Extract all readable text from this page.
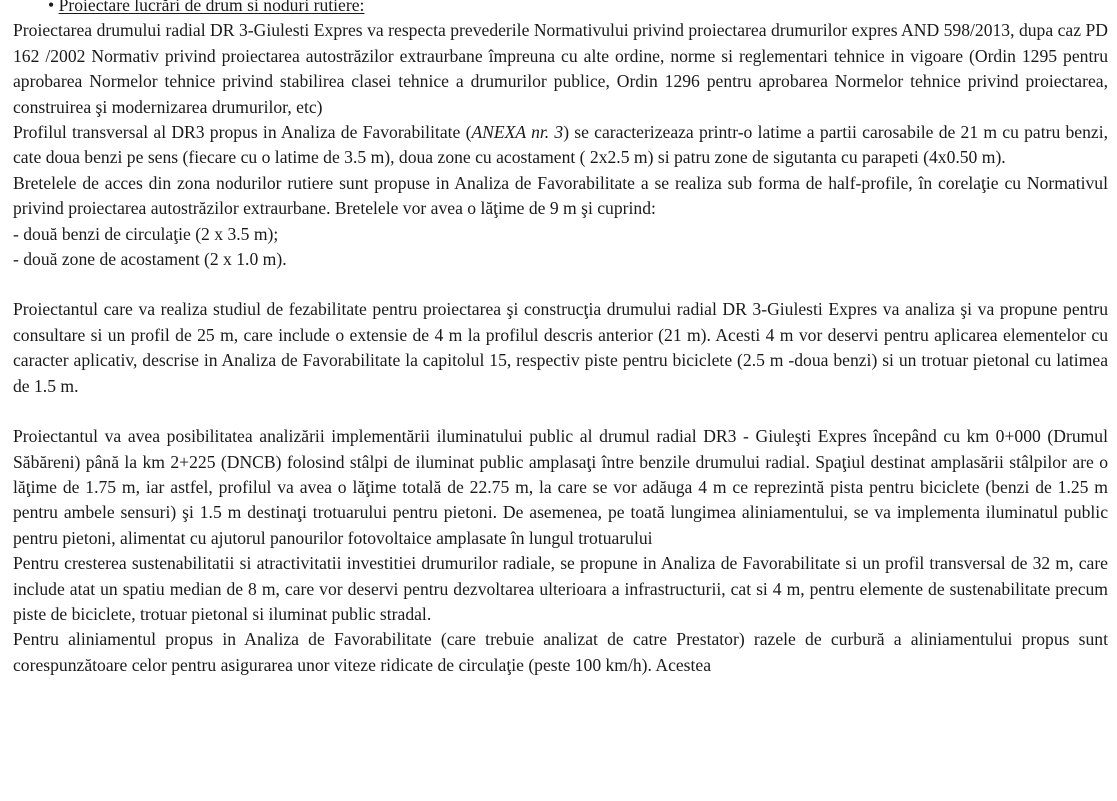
• Proiectare lucrări de drum si noduri rutiere:

Proiectarea drumului radial DR 3-Giulesti Expres va respecta prevederile Normativului privind proiectarea drumurilor expres AND 598/2013, dupa caz PD 162 /2002 Normativ privind proiectarea autostrăzilor extraurbane împreuna cu alte ordine, norme si reglementari tehnice in vigoare (Ordin 1295 pentru aprobarea Normelor tehnice privind stabilirea clasei tehnice a drumurilor publice, Ordin 1296 pentru aprobarea Normelor tehnice privind proiectarea, construirea şi modernizarea drumurilor, etc)

Profilul transversal al DR3 propus in Analiza de Favorabilitate (ANEXA nr. 3) se caracterizeaza printr-o latime a partii carosabile de 21 m cu patru benzi, cate doua benzi pe sens (fiecare cu o latime de 3.5 m), doua zone cu acostament ( 2x2.5 m) si patru zone de sigutanta cu parapeti (4x0.50 m).

Bretelele de acces din zona nodurilor rutiere sunt propuse in Analiza de Favorabilitate a se realiza sub forma de half-profile, în corelaţie cu Normativul privind proiectarea autostrăzilor extraurbane. Bretelele vor avea o lăţime de 9 m şi cuprind:

- două benzi de circulaţie (2 x 3.5 m);

- două zone de acostament (2 x 1.0 m).

Proiectantul care va realiza studiul de fezabilitate pentru proiectarea şi construcţia drumului radial DR 3-Giulesti Expres va analiza şi va propune pentru consultare si un profil de 25 m, care include o extensie de 4 m la profilul descris anterior (21 m). Acesti 4 m vor deservi pentru aplicarea elementelor cu caracter aplicativ, descrise in Analiza de Favorabilitate la capitolul 15, respectiv piste pentru biciclete (2.5 m -doua benzi) si un trotuar pietonal cu latimea de 1.5 m.

Proiectantul va avea posibilitatea analizării implementării iluminatului public al drumul radial DR3 - Giuleşti Expres începând cu km 0+000 (Drumul Săbăreni) până la km 2+225 (DNCB) folosind stâlpi de iluminat public amplasaţi între benzile drumului radial. Spaţiul destinat amplasării stâlpilor are o lăţime de 1.75 m, iar astfel, profilul va avea o lăţime totală de 22.75 m, la care se vor adăuga 4 m ce reprezintă pista pentru biciclete (benzi de 1.25 m pentru ambele sensuri) şi 1.5 m destinaţi trotuarului pentru pietoni. De asemenea, pe toată lungimea aliniamentului, se va implementa iluminatul public pentru pietoni, alimentat cu ajutorul panourilor fotovoltaice amplasate în lungul trotuarului

Pentru cresterea sustenabilitatii si atractivitatii investitiei drumurilor radiale, se propune in Analiza de Favorabilitate si un profil transversal de 32 m, care include atat un spatiu median de 8 m, care vor deservi pentru dezvoltarea ulterioara a infrastructurii, cat si 4 m, pentru elemente de sustenabilitate precum piste de biciclete, trotuar pietonal si iluminat public stradal.

Pentru aliniamentul propus in Analiza de Favorabilitate (care trebuie analizat de catre Prestator) razele de curbură a aliniamentului propus sunt corespunzătoare celor pentru asigurarea unor viteze ridicate de circulaţie (peste 100 km/h). Acestea
